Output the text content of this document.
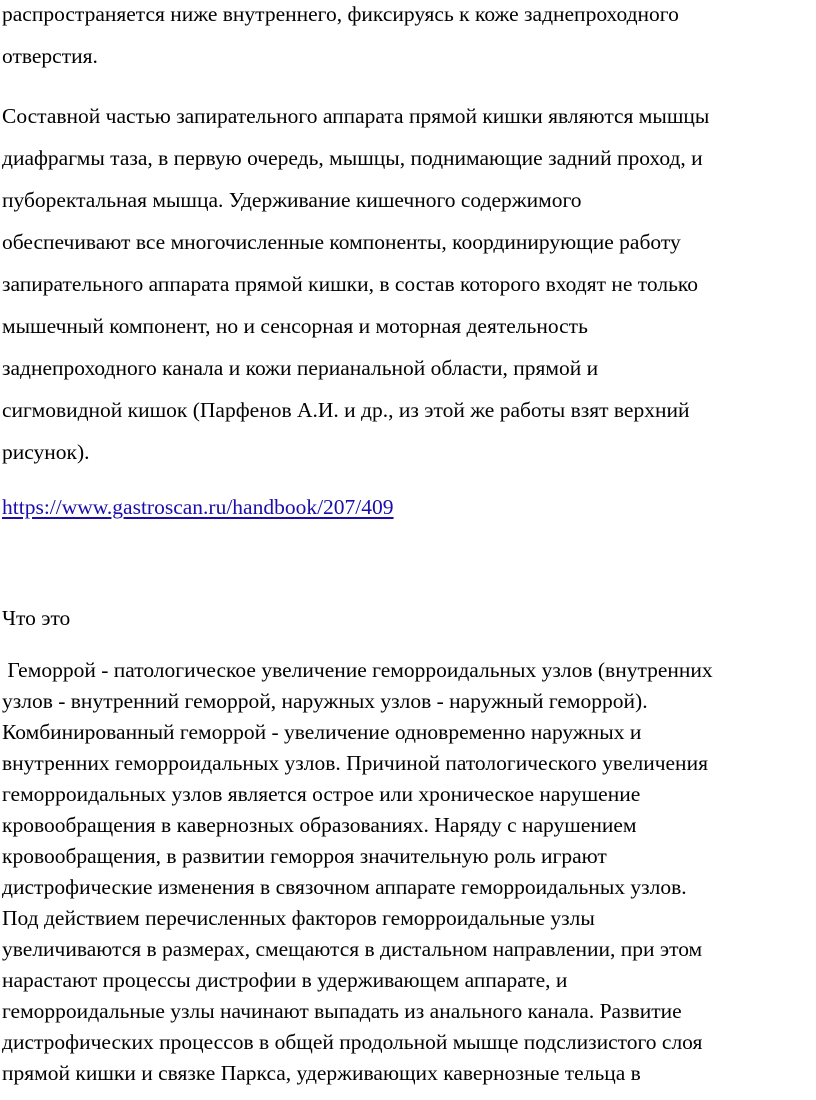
распространяется ниже внутреннего, фиксируясь к коже заднепроходного
отверстия.

Составной частью запирательного аппарата прямой кишки являются мышцы
диафрагмы таза, в первую очередь, мышцы, поднимающие задний проход, и
пуборектальная мышца. Удерживание кишечного содержимого
обеспечивают все многочисленные компоненты, координирующие работу
запирательного аппарата прямой кишки, в состав которого входят не только
мышечный компонент, но и сенсорная и моторная деятельность
заднепроходного канала и кожи перианальной области, прямой и
сигмовидной кишок (Парфенов А.И. и др., из этой же работы взят верхний
рисунок).

https://www.gastroscan.ru/handbook/207/409

Что это

Геморрой - патологическое увеличение геморроидальных узлов (внутренних
узлов - внутренний геморрой, наружных узлов - наружный геморрой).
Комбинированный геморрой - увеличение одновременно наружных и
внутренних геморроидальных узлов. Причиной патологического увеличения
геморроидальных узлов является острое или хроническое нарушение
кровообращения в кавернозных образованиях. Наряду с нарушением
кровообращения, в развитии геморроя значительную роль играют
дистрофические изменения в связочном аппарате геморроидальных узлов.
Под действием перечисленных факторов геморроидальные узлы
увеличиваются в размерах, смещаются в дистальном направлении, при этом
нарастают процессы дистрофии в удерживающем аппарате, и
геморроидальные узлы начинают выпадать из анального канала. Развитие
дистрофических процессов в общей продольной мышце подслизистого слоя
прямой кишки и связке Паркса, удерживающих кавернозные тельца в
